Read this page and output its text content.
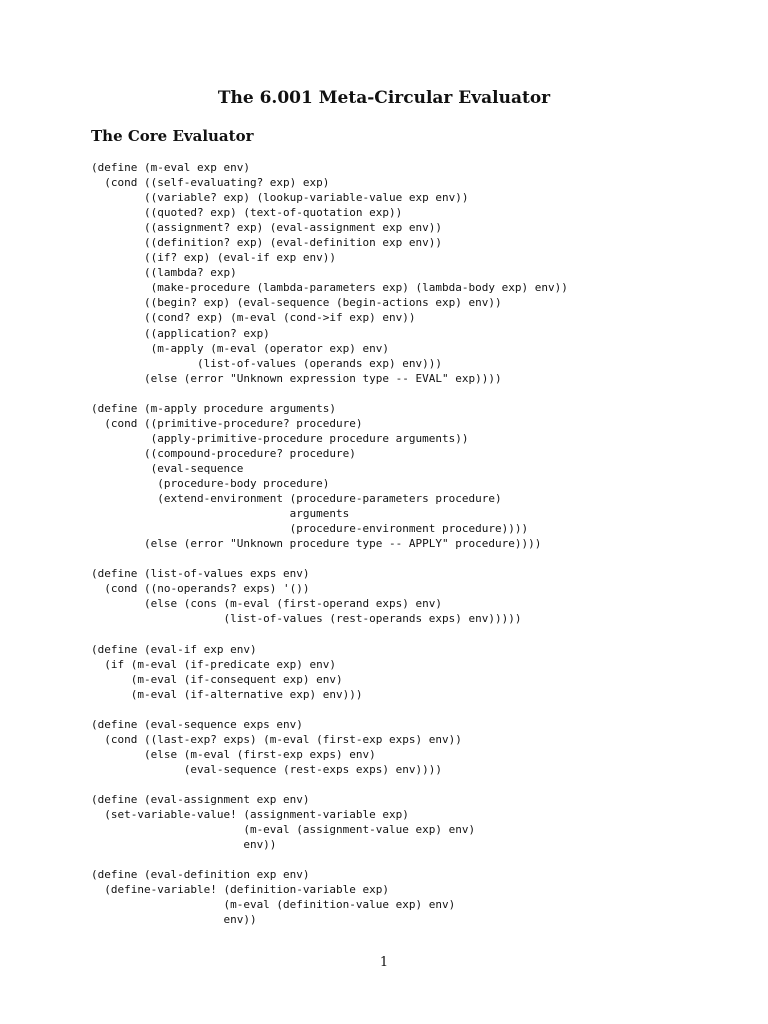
The 6.001 Meta-Circular Evaluator
The Core Evaluator
(define (m-eval exp env)
(cond ((self-evaluating? exp) exp)
((variable? exp) (lookup-variable-value exp env))
((quoted? exp) (text-of-quotation exp))
((assignment? exp) (eval-assignment exp env))
((definition? exp) (eval-definition exp env))
((if? exp) (eval-if exp env))
((lambda? exp)
(make-procedure (lambda-parameters exp) (lambda-body exp) env))
((begin? exp) (eval-sequence (begin-actions exp) env))
((cond? exp) (m-eval (cond->if exp) env))
((application? exp)
(m-apply (m-eval (operator exp) env)
(list-of-values (operands exp) env)))
(else (error "Unknown expression type -- EVAL" exp))))

(define (m-apply procedure arguments)
(cond ((primitive-procedure? procedure)
(apply-primitive-procedure procedure arguments))
((compound-procedure? procedure)
(eval-sequence
(procedure-body procedure)
(extend-environment (procedure-parameters procedure)
arguments
(procedure-environment procedure))))
(else (error "Unknown procedure type -- APPLY" procedure))))

(define (list-of-values exps env)
(cond ((no-operands? exps) '())
(else (cons (m-eval (first-operand exps) env)
(list-of-values (rest-operands exps) env)))))

(define (eval-if exp env)
(if (m-eval (if-predicate exp) env)
(m-eval (if-consequent exp) env)
(m-eval (if-alternative exp) env)))

(define (eval-sequence exps env)
(cond ((last-exp? exps) (m-eval (first-exp exps) env))
(else (m-eval (first-exp exps) env)
(eval-sequence (rest-exps exps) env))))

(define (eval-assignment exp env)
(set-variable-value! (assignment-variable exp)
(m-eval (assignment-value exp) env)
env))

(define (eval-definition exp env)
(define-variable! (definition-variable exp)
(m-eval (definition-value exp) env)
env))
1
